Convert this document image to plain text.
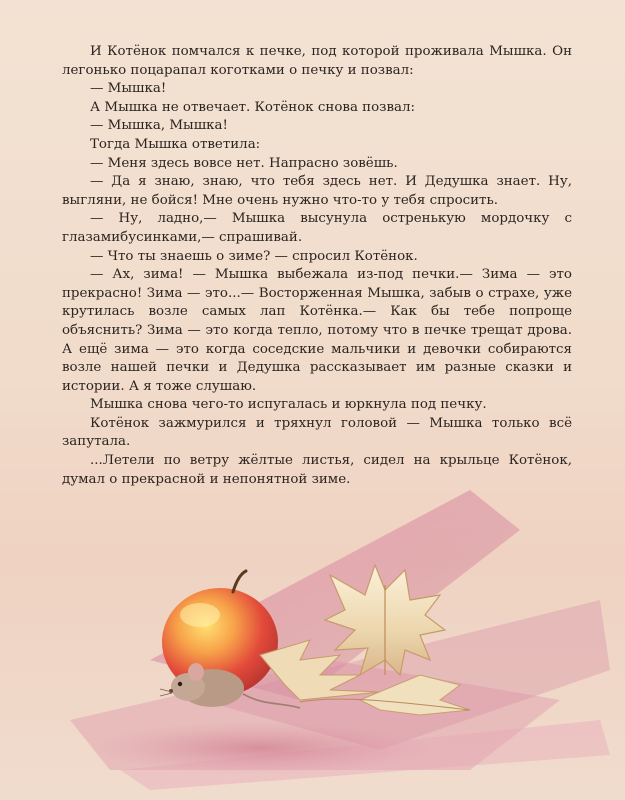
И Котёнок помчался к печке, под которой проживала Мышка. Он легонько поцарапал коготками о печку и позвал:

— Мышка!

А Мышка не отвечает. Котёнок снова позвал:

— Мышка, Мышка!

Тогда Мышка ответила:

— Меня здесь вовсе нет. Напрасно зовёшь.

— Да я знаю, знаю, что тебя здесь нет. И Дедушка знает. Ну, выгляни, не бойся! Мне очень нужно что-то у тебя спросить.

— Ну, ладно,— Мышка высунула остренькую мордочку с глазамибусинками,— спрашивай.

— Что ты знаешь о зиме? — спросил Котёнок.

— Ах, зима! — Мышка выбежала из-под печки.— Зима — это прекрасно! Зима — это...— Восторженная Мышка, забыв о страхе, уже крутилась возле самых лап Котёнка.— Как бы тебе попроще объяснить? Зима — это когда тепло, потому что в печке трещат дрова. А ещё зима — это когда соседские мальчики и девочки собираются возле нашей печки и Дедушка рассказывает им разные сказки и истории. А я тоже слушаю.

Мышка снова чего-то испугалась и юркнула под печку.

Котёнок зажмурился и тряхнул головой — Мышка только всё запутала.

...Летели по ветру жёлтые листья, сидел на крыльце Котёнок, думал о прекрасной и непонятной зиме.
